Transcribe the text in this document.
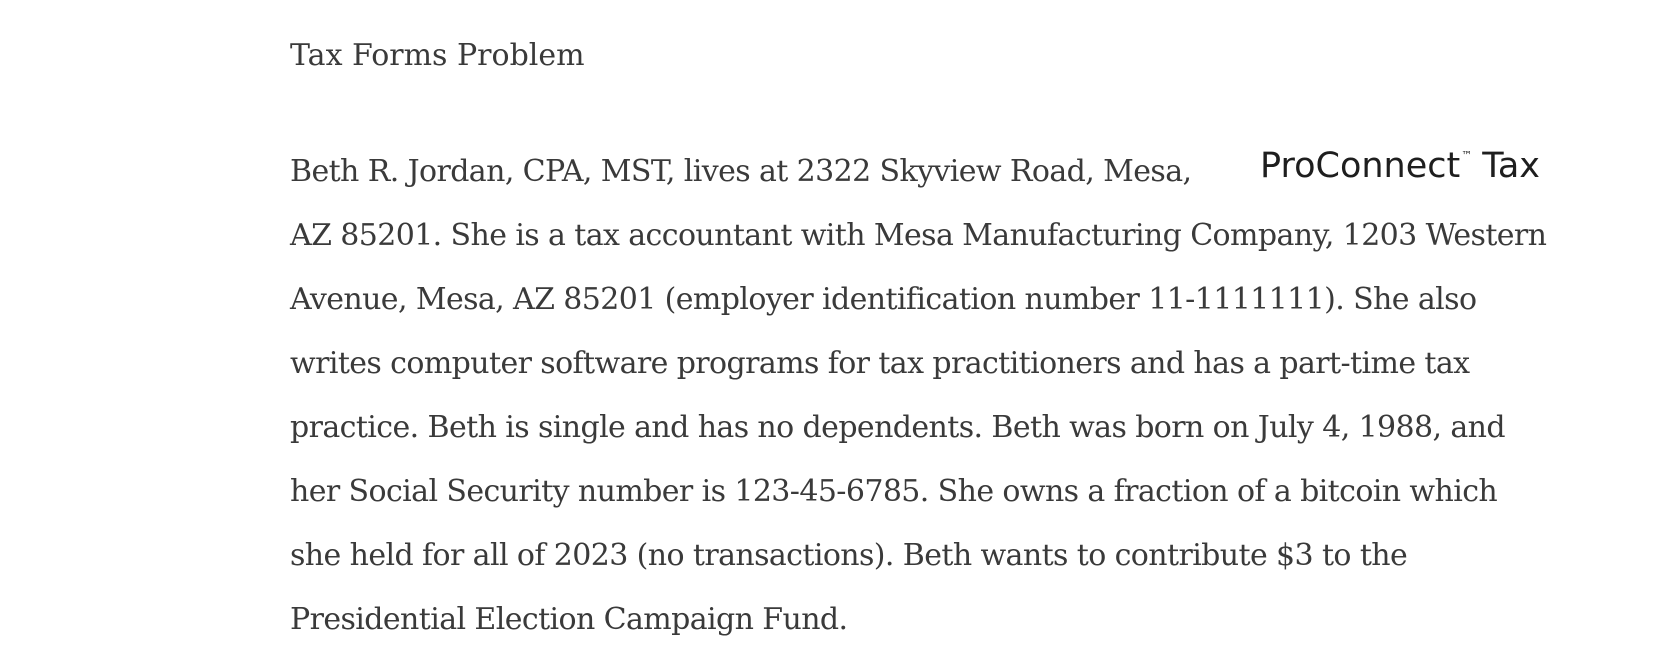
Tax Forms Problem
ProConnect™ Tax

Beth R. Jordan, CPA, MST, lives at 2322 Skyview Road, Mesa,
AZ 85201. She is a tax accountant with Mesa Manufacturing Company, 1203 Western
Avenue, Mesa, AZ 85201 (employer identification number 11-1111111). She also
writes computer software programs for tax practitioners and has a part-time tax
practice. Beth is single and has no dependents. Beth was born on July 4, 1988, and
her Social Security number is 123-45-6785. She owns a fraction of a bitcoin which
she held for all of 2023 (no transactions). Beth wants to contribute $3 to the
Presidential Election Campaign Fund.
